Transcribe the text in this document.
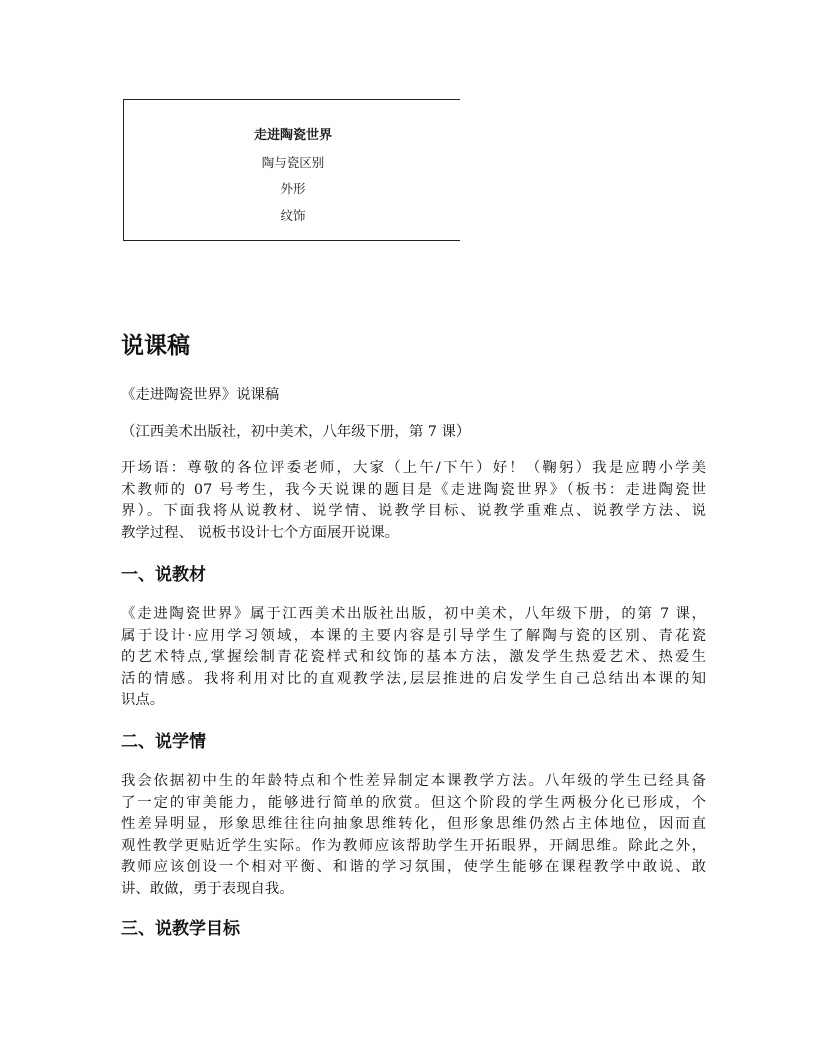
走进陶瓷世界
陶与瓷区别
外形
纹饰
说课稿
《走进陶瓷世界》说课稿
（江西美术出版社，初中美术，八年级下册，第 7 课）
开场语：尊敬的各位评委老师，大家（上午/下午）好！（鞠躬）我是应聘小学美
术教师的 07 号考生，我今天说课的题目是《走进陶瓷世界》（板书：走进陶瓷世
界）。下面我将从说教材、说学情、说教学目标、说教学重难点、说教学方法、说
教学过程、 说板书设计七个方面展开说课。
一、说教材
《走进陶瓷世界》属于江西美术出版社出版，初中美术，八年级下册，的第 7 课，
属于设计·应用学习领域，本课的主要内容是引导学生了解陶与瓷的区别、青花瓷
的艺术特点,掌握绘制青花瓷样式和纹饰的基本方法，激发学生热爱艺术、热爱生
活的情感。我将利用对比的直观教学法,层层推进的启发学生自己总结出本课的知
识点。
二、说学情
我会依据初中生的年龄特点和个性差异制定本课教学方法。八年级的学生已经具备
了一定的审美能力，能够进行简单的欣赏。但这个阶段的学生两极分化已形成，个
性差异明显，形象思维往往向抽象思维转化，但形象思维仍然占主体地位，因而直
观性教学更贴近学生实际。作为教师应该帮助学生开拓眼界，开阔思维。除此之外，
教师应该创设一个相对平衡、和谐的学习氛围，使学生能够在课程教学中敢说、敢
讲、敢做，勇于表现自我。
三、说教学目标
